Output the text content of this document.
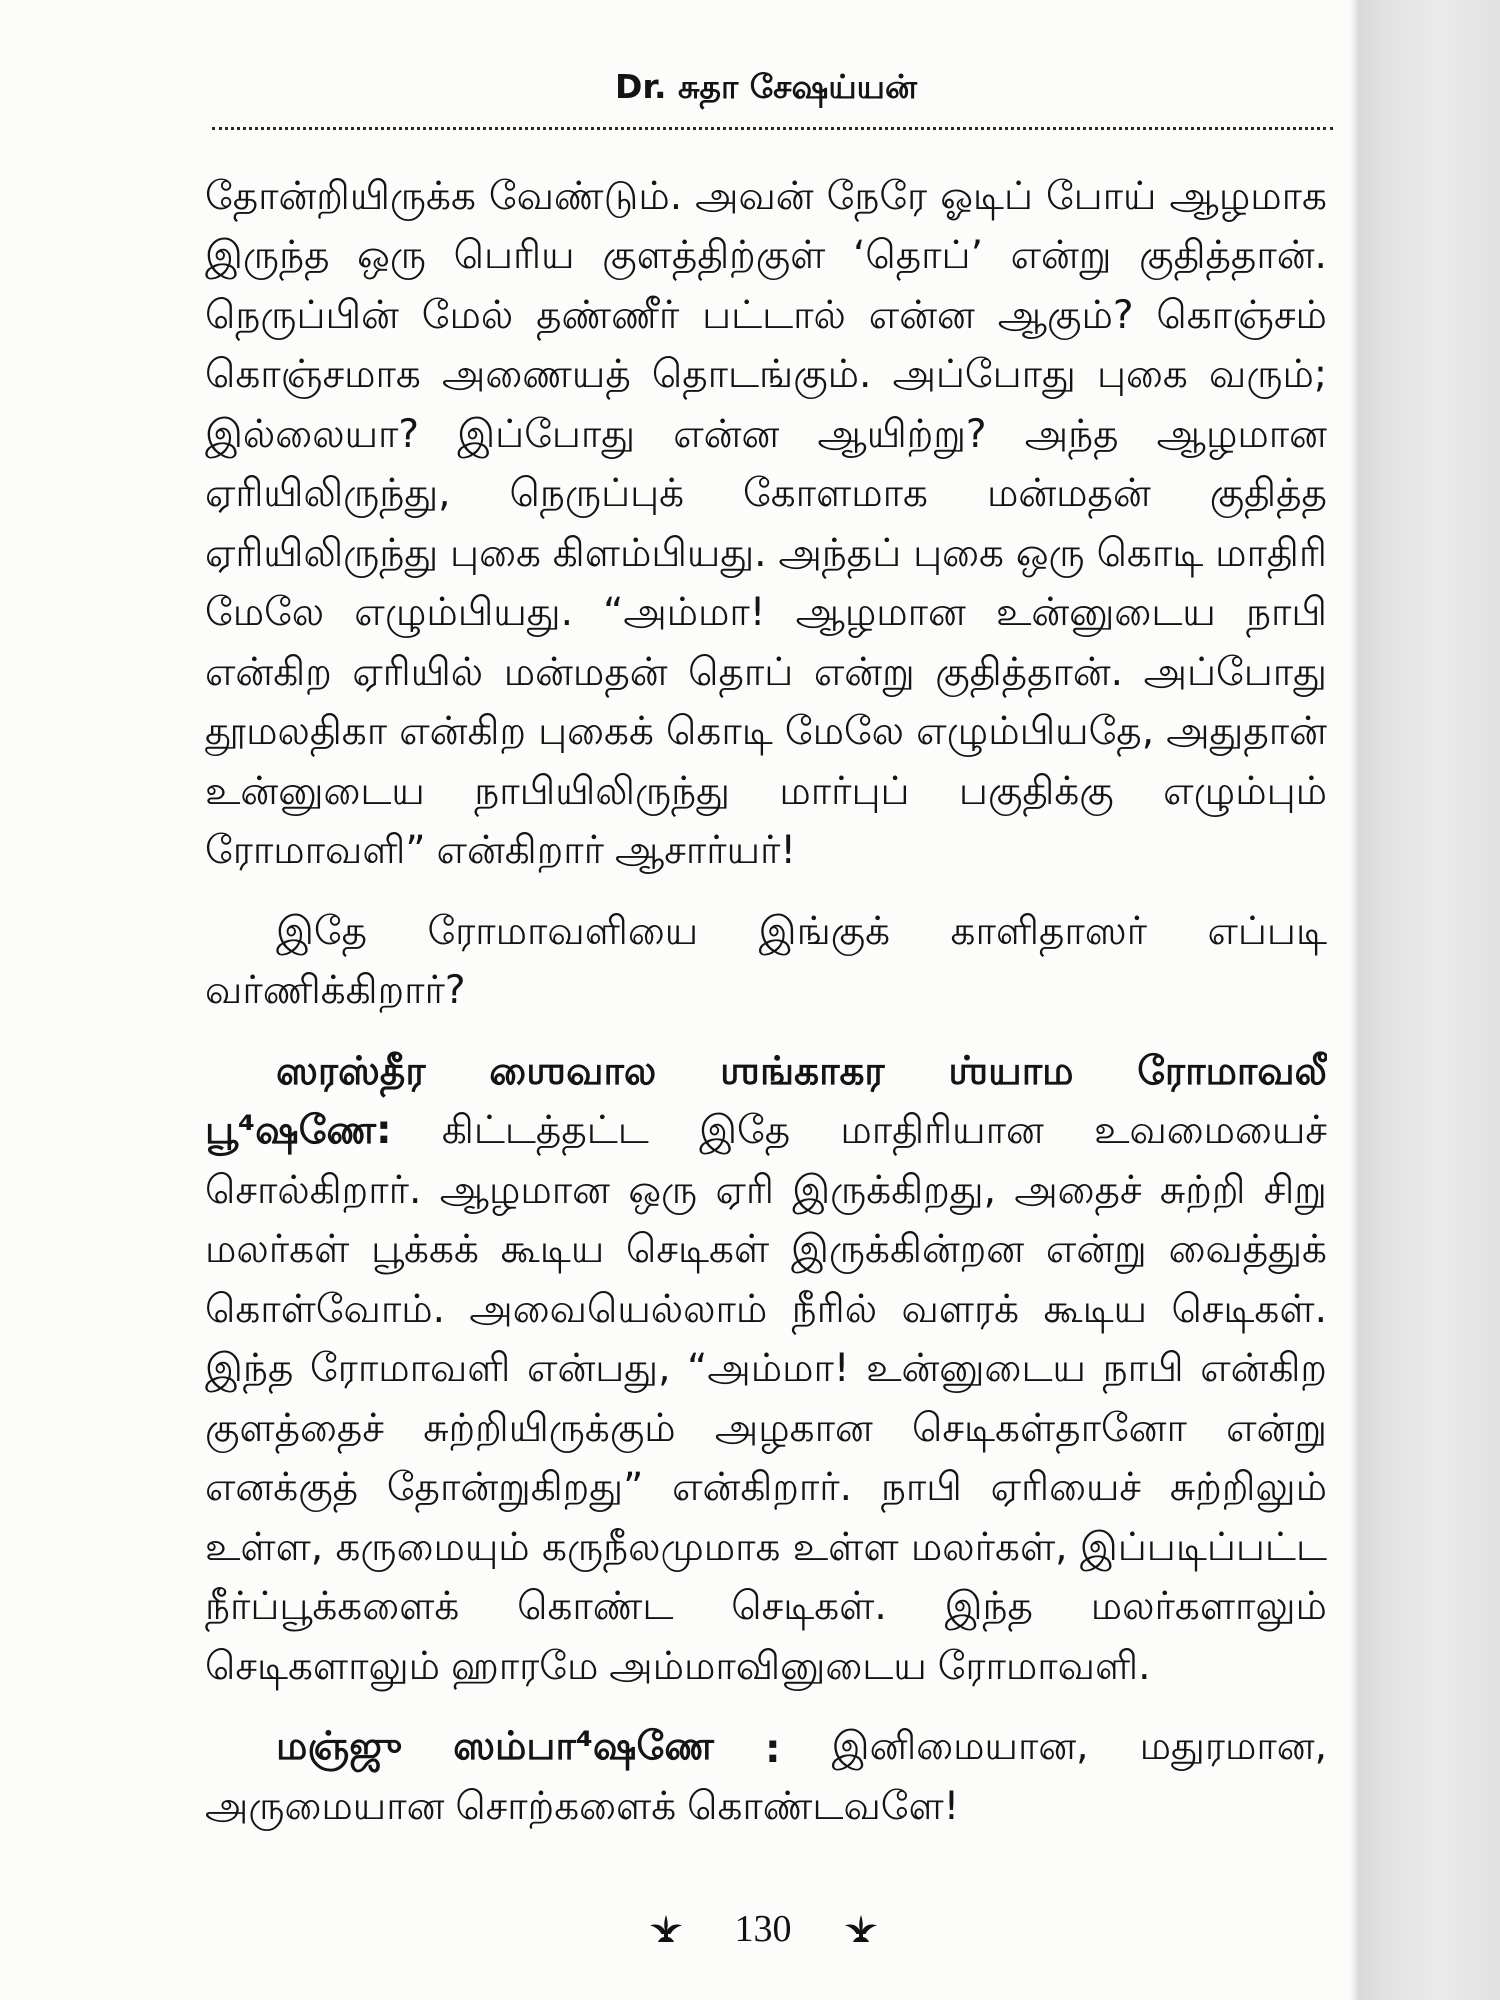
Dr. சுதா சேஷய்யன்
தோன்றியிருக்க வேண்டும். அவன் நேரே ஓடிப் போய் ஆழமாக
இருந்த ஒரு பெரிய குளத்திற்குள் ‘தொப்’ என்று குதித்தான்.
நெருப்பின் மேல் தண்ணீர் பட்டால் என்ன ஆகும்? கொஞ்சம்
கொஞ்சமாக அணையத் தொடங்கும். அப்போது புகை வரும்;
இல்லையா? இப்போது என்ன ஆயிற்று? அந்த ஆழமான
ஏரியிலிருந்து, நெருப்புக் கோளமாக மன்மதன் குதித்த
ஏரியிலிருந்து புகை கிளம்பியது. அந்தப் புகை ஒரு கொடி மாதிரி
மேலே எழும்பியது. “அம்மா! ஆழமான உன்னுடைய நாபி
என்கிற ஏரியில் மன்மதன் தொப் என்று குதித்தான். அப்போது
தூமலதிகா என்கிற புகைக் கொடி மேலே எழும்பியதே, அதுதான்
உன்னுடைய நாபியிலிருந்து மார்புப் பகுதிக்கு எழும்பும்
ரோமாவளி” என்கிறார் ஆசார்யர்!
இதே ரோமாவளியை இங்குக் காளிதாஸர் எப்படி
வர்ணிக்கிறார்?
ஸரஸ்தீர ஶைவால ஶங்காகர ஶ்யாம ரோமாவலீ
பூ⁴ஷணே: கிட்டத்தட்ட இதே மாதிரியான உவமையைச்
சொல்கிறார். ஆழமான ஒரு ஏரி இருக்கிறது, அதைச் சுற்றி சிறு
மலர்கள் பூக்கக் கூடிய செடிகள் இருக்கின்றன என்று வைத்துக்
கொள்வோம். அவையெல்லாம் நீரில் வளரக் கூடிய செடிகள்.
இந்த ரோமாவளி என்பது, “அம்மா! உன்னுடைய நாபி என்கிற
குளத்தைச் சுற்றியிருக்கும் அழகான செடிகள்தானோ என்று
எனக்குத் தோன்றுகிறது” என்கிறார். நாபி ஏரியைச் சுற்றிலும்
உள்ள, கருமையும் கருநீலமுமாக உள்ள மலர்கள், இப்படிப்பட்ட
நீர்ப்பூக்களைக் கொண்ட செடிகள். இந்த மலர்களாலும்
செடிகளாலும் ஹாரமே அம்மாவினுடைய ரோமாவளி.
மஞ்ஜு ஸம்பா⁴ஷணே : இனிமையான, மதுரமான,
அருமையான சொற்களைக் கொண்டவளே!
130
